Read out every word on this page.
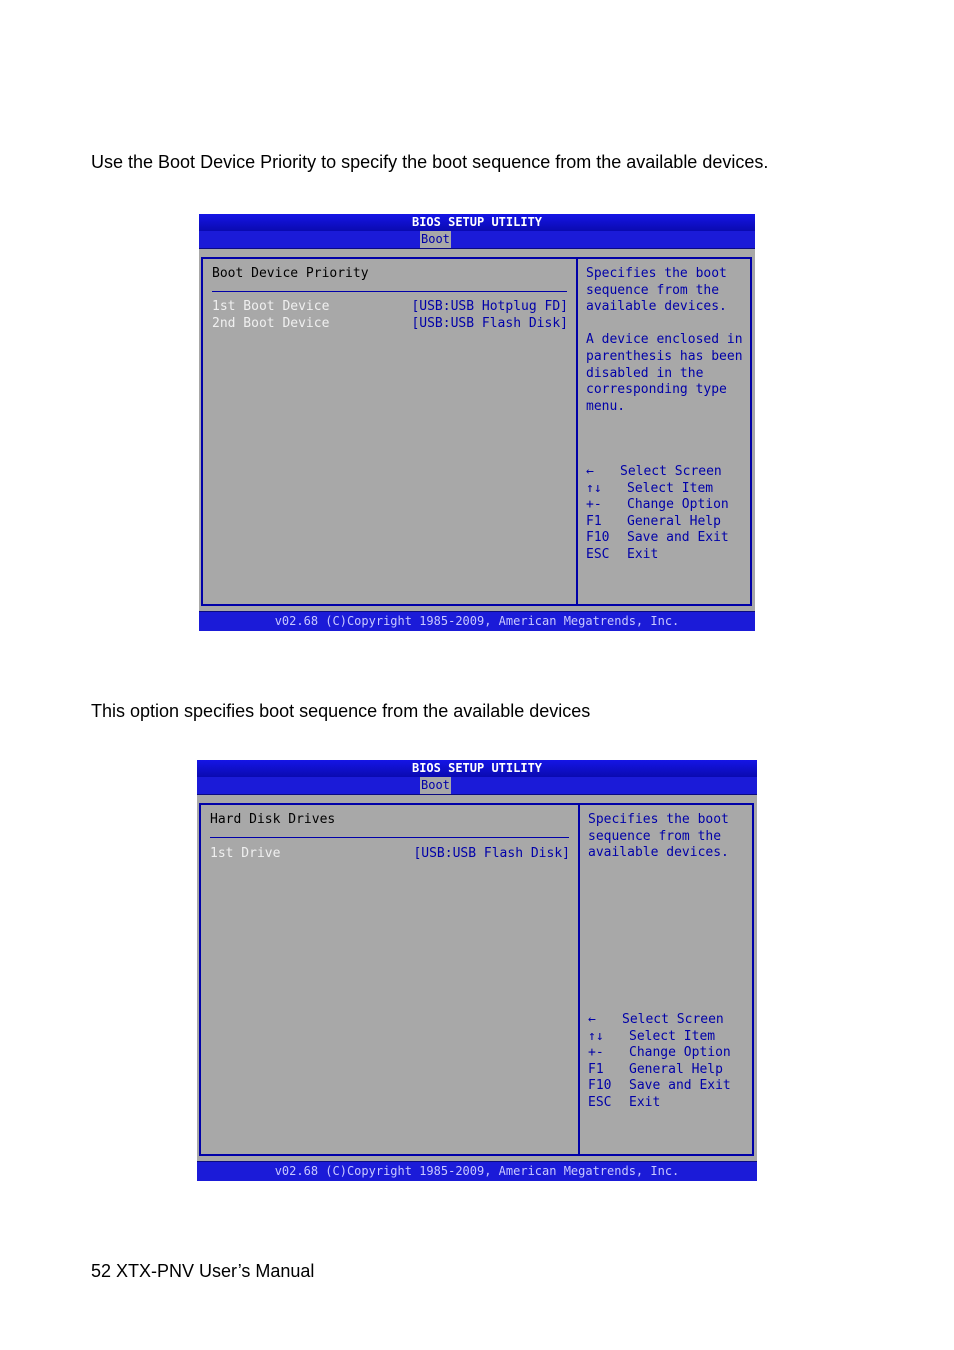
Use the Boot Device Priority to specify the boot sequence from the available devices.

BIOS SETUP UTILITY
Boot
Boot Device Priority
1st Boot Device	[USB:USB Hotplug FD]
2nd Boot Device	[USB:USB Flash Disk]
Specifies the boot
sequence from the
available devices.

A device enclosed in
parenthesis has been
disabled in the
corresponding type
menu.
← Select Screen
↑↓ Select Item
+- Change Option
F1 General Help
F10 Save and Exit
ESC Exit
v02.68 (C)Copyright 1985-2009, American Megatrends, Inc.

This option specifies boot sequence from the available devices

BIOS SETUP UTILITY
Boot
Hard Disk Drives
1st Drive	[USB:USB Flash Disk]
Specifies the boot
sequence from the
available devices.
← Select Screen
↑↓ Select Item
+- Change Option
F1 General Help
F10 Save and Exit
ESC Exit
v02.68 (C)Copyright 1985-2009, American Megatrends, Inc.

52 XTX-PNV User’s Manual
